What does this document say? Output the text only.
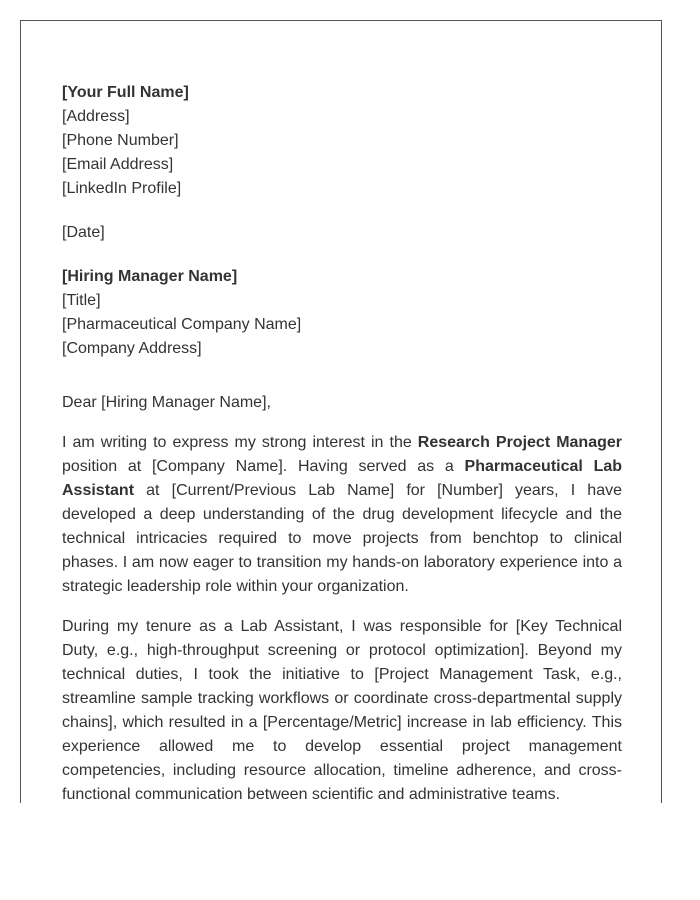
[Your Full Name]
[Address]
[Phone Number]
[Email Address]
[LinkedIn Profile]
[Date]
[Hiring Manager Name]
[Title]
[Pharmaceutical Company Name]
[Company Address]
Dear [Hiring Manager Name],

I am writing to express my strong interest in the Research Project Manager position at [Company Name]. Having served as a Pharmaceutical Lab Assistant at [Current/Previous Lab Name] for [Number] years, I have developed a deep understanding of the drug development lifecycle and the technical intricacies required to move projects from benchtop to clinical phases. I am now eager to transition my hands-on laboratory experience into a strategic leadership role within your organization.

During my tenure as a Lab Assistant, I was responsible for [Key Technical Duty, e.g., high-throughput screening or protocol optimization]. Beyond my technical duties, I took the initiative to [Project Management Task, e.g., streamline sample tracking workflows or coordinate cross-departmental supply chains], which resulted in a [Percentage/Metric] increase in lab efficiency. This experience allowed me to develop essential project management competencies, including resource allocation, timeline adherence, and cross-functional communication between scientific and administrative teams.
